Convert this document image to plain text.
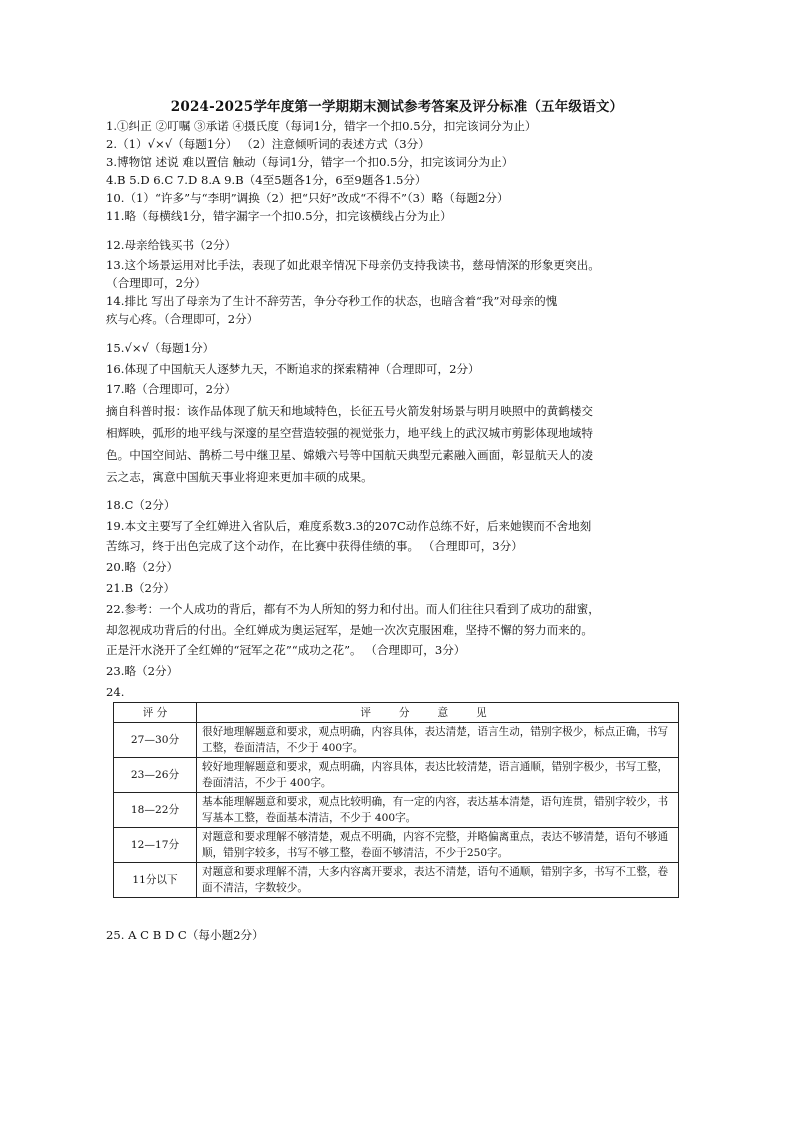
2024-2025学年度第一学期期末测试参考答案及评分标准（五年级语文）
1.①纠正 ②叮嘱 ③承诺 ④摄氏度（每词1分，错字一个扣0.5分，扣完该词分为止）
2.（1）√×√（每题1分） （2）注意倾听词的表述方式（3分）
3.博物馆 述说 难以置信 触动（每词1分，错字一个扣0.5分，扣完该词分为止）
4.B 5.D 6.C 7.D 8.A 9.B（4至5题各1分，6至9题各1.5分）
10.（1）“许多”与“李明”调换（2）把“只好”改成“不得不”（3）略（每题2分）
11.略（每横线1分，错字漏字一个扣0.5分，扣完该横线占分为止）
12.母亲给钱买书（2分）
13.这个场景运用对比手法，表现了如此艰辛情况下母亲仍支持我读书，慈母情深的形象更突出。
（合理即可，2分）
14.排比 写出了母亲为了生计不辞劳苦，争分夺秒工作的状态，也暗含着“我”对母亲的愧
疚与心疼。（合理即可，2分）
15.√×√（每题1分）
16.体现了中国航天人逐梦九天，不断追求的探索精神（合理即可，2分）
17.略（合理即可，2分）
摘自科普时报：该作品体现了航天和地域特色，长征五号火箭发射场景与明月映照中的黄鹤楼交
相辉映，弧形的地平线与深邃的星空营造较强的视觉张力，地平线上的武汉城市剪影体现地域特
色。中国空间站、鹊桥二号中继卫星、嫦娥六号等中国航天典型元素融入画面，彰显航天人的凌
云之志，寓意中国航天事业将迎来更加丰硕的成果。
18.C（2分）
19.本文主要写了全红婵进入省队后，难度系数3.3的207C动作总练不好，后来她锲而不舍地刻
苦练习，终于出色完成了这个动作，在比赛中获得佳绩的事。 （合理即可，3分）
20.略（2分）
21.B（2分）
22.参考：一个人成功的背后，都有不为人所知的努力和付出。而人们往往只看到了成功的甜蜜，
却忽视成功背后的付出。全红婵成为奥运冠军，是她一次次克服困难，坚持不懈的努力而来的。
正是汗水浇开了全红婵的“冠军之花”“成功之花”。 （合理即可，3分）
23.略（2分）
24.
评 分	评分意见
27—30分	很好地理解题意和要求，观点明确，内容具体，表达清楚，语言生动，错别字极少，标点正确，书写工整，卷面清洁，不少于 400字。
23—26分	较好地理解题意和要求，观点明确，内容具体，表达比较清楚，语言通顺，错别字极少，书写工整，卷面清洁，不少于 400字。
18—22分	基本能理解题意和要求，观点比较明确，有一定的内容，表达基本清楚，语句连贯，错别字较少，书写基本工整，卷面基本清洁，不少于 400字。
12—17分	对题意和要求理解不够清楚，观点不明确，内容不完整，并略偏离重点，表达不够清楚，语句不够通顺，错别字较多，书写不够工整，卷面不够清洁，不少于250字。
11分以下	对题意和要求理解不清，大多内容离开要求，表达不清楚，语句不通顺，错别字多，书写不工整，卷面不清洁，字数较少。
25. A C B D C（每小题2分）
